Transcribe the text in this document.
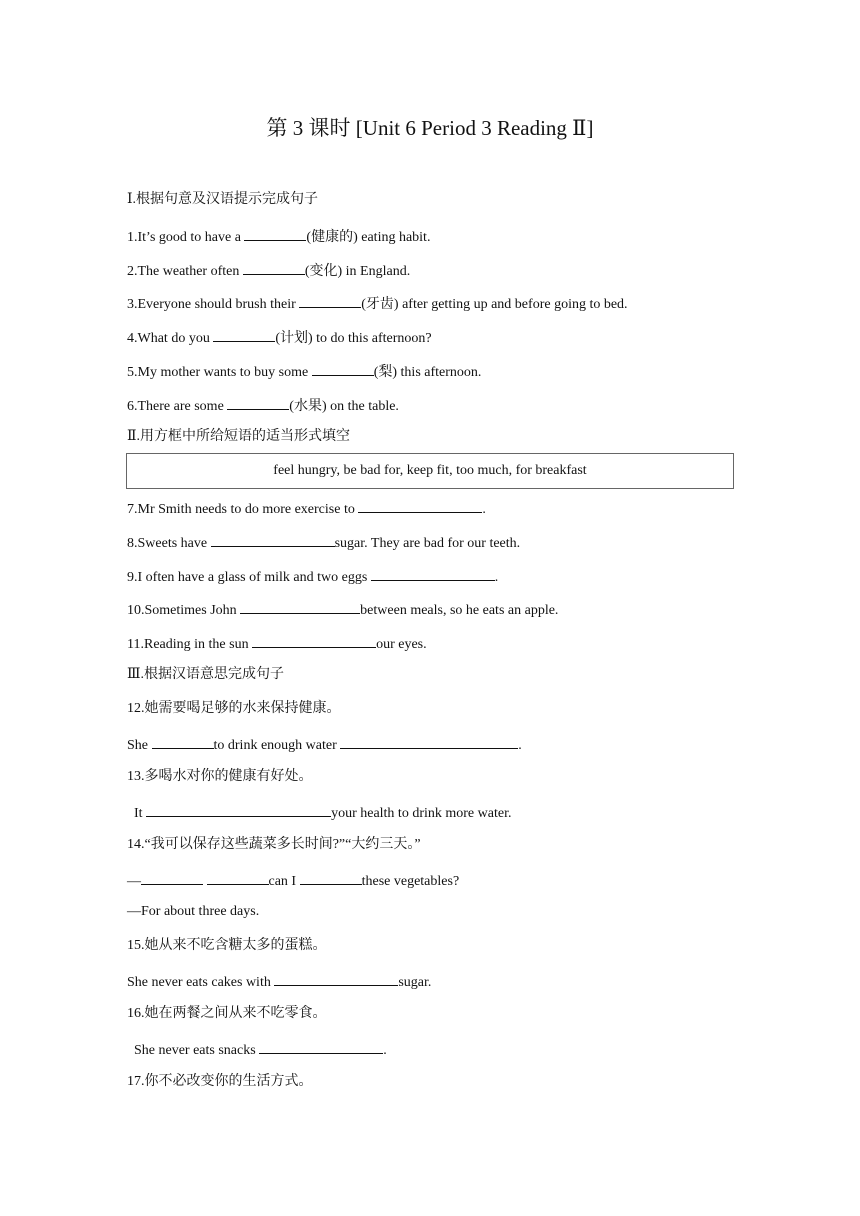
第 3 课时 [Unit 6 Period 3 Reading Ⅱ]
Ⅰ.根据句意及汉语提示完成句子
1.It’s good to have a	(健康的) eating habit.
2.The weather often	(变化) in England.
3.Everyone should brush their	(牙齿) after getting up and before going to bed.
4.What do you	(计划) to do this afternoon?
5.My mother wants to buy some	(梨) this afternoon.
6.There are some	(水果) on the table.
Ⅱ.用方框中所给短语的适当形式填空
feel hungry, be bad for, keep fit, too much, for breakfast
7.Mr Smith needs to do more exercise to	.
8.Sweets have	sugar. They are bad for our teeth.
9.I often have a glass of milk and two eggs	.
10.Sometimes John	between meals, so he eats an apple.
11.Reading in the sun	our eyes.
Ⅲ.根据汉语意思完成句子
12.她需要喝足够的水来保持健康。
She	to drink enough water	.
13.多喝水对你的健康有好处。
It	your health to drink more water.
14.“我可以保存这些蔬菜多长时间?”“大约三天。”
—	can I	these vegetables?
—For about three days.
15.她从来不吃含糖太多的蛋糕。
She never eats cakes with	sugar.
16.她在两餐之间从来不吃零食。
She never eats snacks	.
17.你不必改变你的生活方式。
